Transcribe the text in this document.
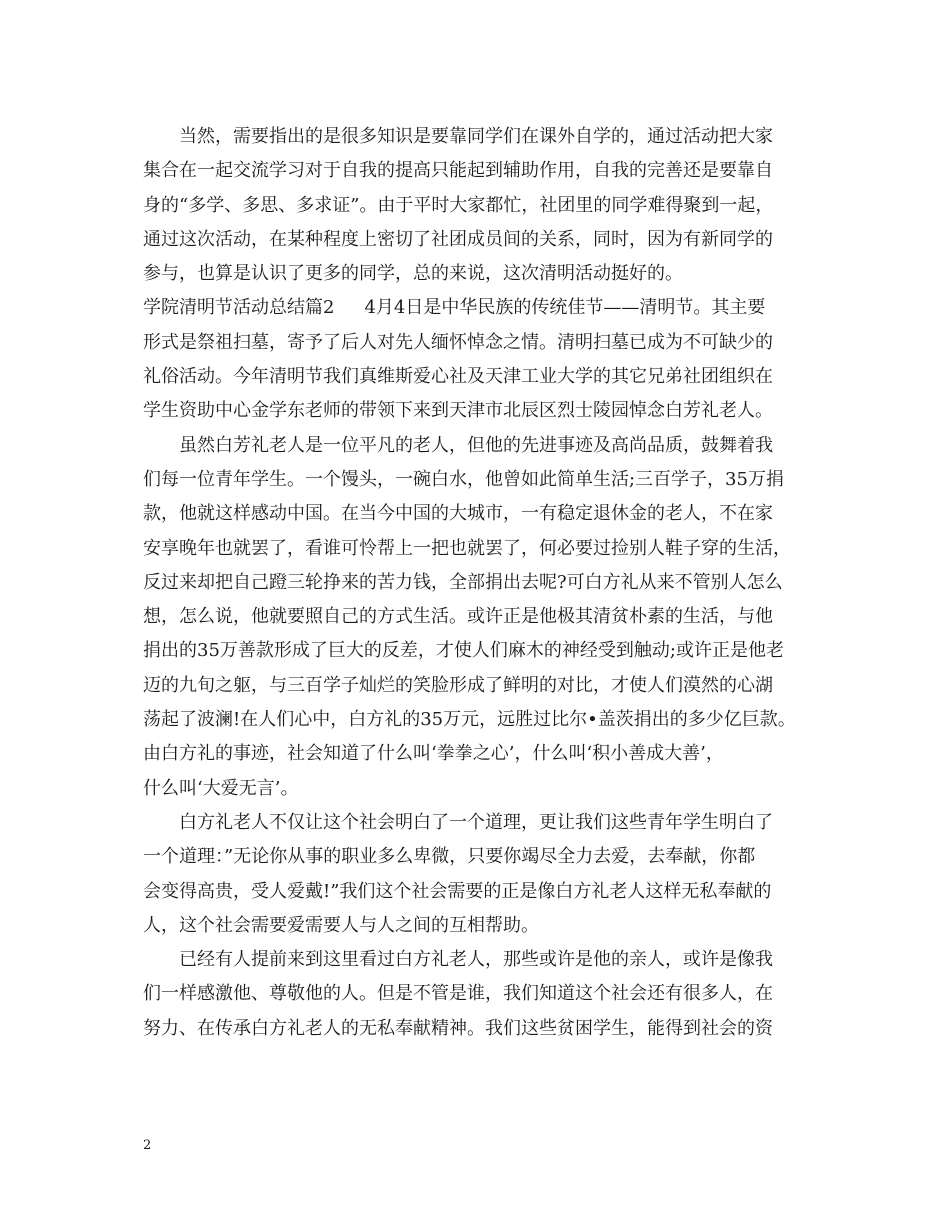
当然，需要指出的是很多知识是要靠同学们在课外自学的，通过活动把大家
集合在一起交流学习对于自我的提高只能起到辅助作用，自我的完善还是要靠自
身的“多学、多思、多求证”。由于平时大家都忙，社团里的同学难得聚到一起，
通过这次活动，在某种程度上密切了社团成员间的关系，同时，因为有新同学的
参与，也算是认识了更多的同学，总的来说，这次清明活动挺好的。
学院清明节活动总结篇2 4月4日是中华民族的传统佳节——清明节。其主要
形式是祭祖扫墓，寄予了后人对先人缅怀悼念之情。清明扫墓已成为不可缺少的
礼俗活动。今年清明节我们真维斯爱心社及天津工业大学的其它兄弟社团组织在
学生资助中心金学东老师的带领下来到天津市北辰区烈士陵园悼念白芳礼老人。
虽然白芳礼老人是一位平凡的老人，但他的先进事迹及高尚品质，鼓舞着我
们每一位青年学生。一个馒头，一碗白水，他曾如此简单生活;三百学子，35万捐
款，他就这样感动中国。在当今中国的大城市，一有稳定退休金的老人，不在家
安享晚年也就罢了，看谁可怜帮上一把也就罢了，何必要过捡别人鞋子穿的生活，
反过来却把自己蹬三轮挣来的苦力钱，全部捐出去呢?可白方礼从来不管别人怎么
想，怎么说，他就要照自己的方式生活。或许正是他极其清贫朴素的生活，与他
捐出的35万善款形成了巨大的反差，才使人们麻木的神经受到触动;或许正是他老
迈的九旬之躯，与三百学子灿烂的笑脸形成了鲜明的对比，才使人们漠然的心湖
荡起了波澜!在人们心中，白方礼的35万元，远胜过比尔•盖茨捐出的多少亿巨款。
由白方礼的事迹，社会知道了什么叫‘拳拳之心’，什么叫‘积小善成大善’，
什么叫‘大爱无言’。
白方礼老人不仅让这个社会明白了一个道理，更让我们这些青年学生明白了
一个道理：”无论你从事的职业多么卑微，只要你竭尽全力去爱，去奉献，你都
会变得高贵，受人爱戴!”我们这个社会需要的正是像白方礼老人这样无私奉献的
人，这个社会需要爱需要人与人之间的互相帮助。
已经有人提前来到这里看过白方礼老人，那些或许是他的亲人，或许是像我
们一样感激他、尊敬他的人。但是不管是谁，我们知道这个社会还有很多人，在
努力、在传承白方礼老人的无私奉献精神。我们这些贫困学生，能得到社会的资
2
